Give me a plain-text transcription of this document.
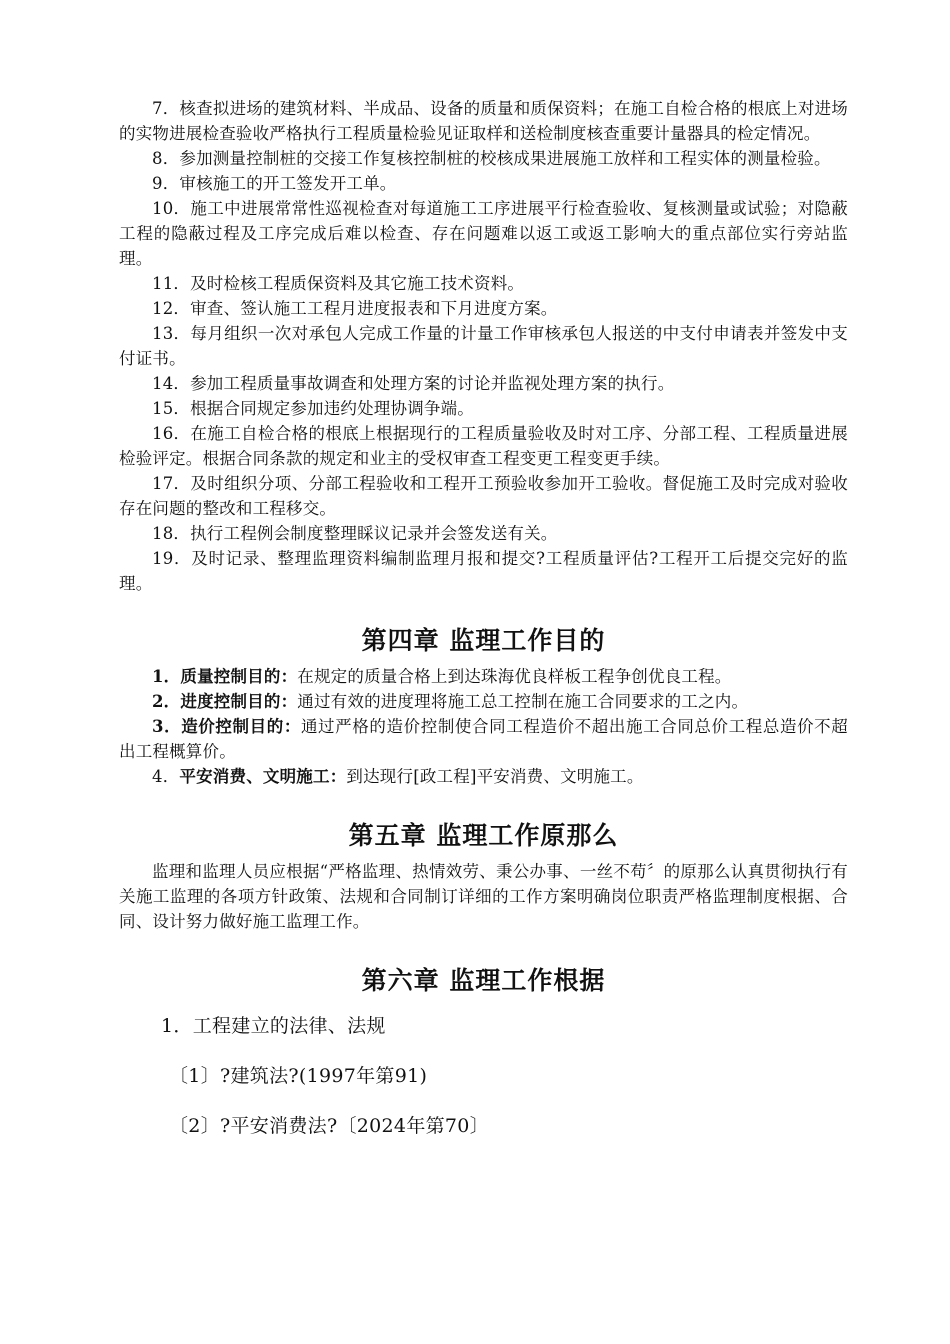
7．核查拟进场的建筑材料、半成品、设备的质量和质保资料；在施工自检合格的根底上对进场的实物进展检查验收严格执行工程质量检验见证取样和送检制度核查重要计量器具的检定情况。

8．参加测量控制桩的交接工作复核控制桩的校核成果进展施工放样和工程实体的测量检验。

9．审核施工的开工签发开工单。

10．施工中进展常常性巡视检查对每道施工工序进展平行检查验收、复核测量或试验；对隐蔽工程的隐蔽过程及工序完成后难以检查、存在问题难以返工或返工影响大的重点部位实行旁站监理。

11．及时检核工程质保资料及其它施工技术资料。

12．审查、签认施工工程月进度报表和下月进度方案。

13．每月组织一次对承包人完成工作量的计量工作审核承包人报送的中支付申请表并签发中支付证书。

14．参加工程质量事故调查和处理方案的讨论并监视处理方案的执行。

15．根据合同规定参加违约处理协调争端。

16．在施工自检合格的根底上根据现行的工程质量验收及时对工序、分部工程、工程质量进展检验评定。根据合同条款的规定和业主的受权审查工程变更工程变更手续。

17．及时组织分项、分部工程验收和工程开工预验收参加开工验收。督促施工及时完成对验收存在问题的整改和工程移交。

18．执行工程例会制度整理睬议记录并会签发送有关。

19．及时记录、整理监理资料编制监理月报和提交?工程质量评估?工程开工后提交完好的监理。

第四章 监理工作目的

1．质量控制目的：在规定的质量合格上到达珠海优良样板工程争创优良工程。

2．进度控制目的：通过有效的进度理将施工总工控制在施工合同要求的工之内。

3．造价控制目的：通过严格的造价控制使合同工程造价不超出施工合同总价工程总造价不超出工程概算价。

4．平安消费、文明施工：到达现行[政工程]平安消费、文明施工。

第五章 监理工作原那么

监理和监理人员应根据“严格监理、热情效劳、秉公办事、一丝不苟〞的原那么认真贯彻执行有关施工监理的各项方针政策、法规和合同制订详细的工作方案明确岗位职责严格监理制度根据、合同、设计努力做好施工监理工作。

第六章 监理工作根据

1．工程建立的法律、法规

〔1〕?建筑法?(1997年第91)

〔2〕?平安消费法?〔2024年第70〕
